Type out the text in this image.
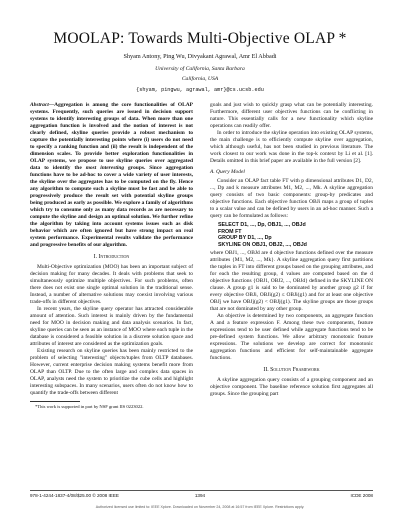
MOOLAP: Towards Multi-Objective OLAP *
Shyam Antony, Ping Wu, Divyakant Agrawal, Amr El Abbadi
University of California, Santa Barbara
California, USA
{shyam, pingwu, agrawal, amr}@cs.ucsb.edu
Abstract—Aggregation is among the core functionalities of OLAP systems. Frequently, such queries are issued in decision support systems to identify interesting groups of data. When more than one aggregation function is involved and the notion of interest is not clearly defined, skyline queries provide a robust mechanism to capture the potentially interesting points where (i) users do not need to specify a ranking function and (ii) the result is independent of the dimension scales. To provide better exploration functionalities in OLAP systems, we propose to use skyline queries over aggregated data to identify the most interesting groups. Since aggregation functions have to be ad-hoc to cover a wide variety of user interests, the skyline over the aggregates has to be computed on the fly. Hence any algorithm to compute such a skyline must be fast and be able to progressively produce the result set with potential skyline groups being produced as early as possible. We explore a family of algorithms which try to consume only as many data records as are necessary to compute the skyline and design an optimal solution. We further refine the algorithm by taking into account systems issues such as disk behavior which are often ignored but have strong impact on real system performance. Experimental results validate the performance and progressive benefits of our algorithm.
I. Introduction

Multi-Objective optimization (MOO) has been an important subject of decision making for many decades. It deals with problems that seek to simultaneously optimize multiple objectives. For such problems, often there does not exist one single optimal solution in the traditional sense. Instead, a number of alternative solutions may coexist involving various trade-offs in different objectives.

In recent years, the skyline query operator has attracted considerable amount of attention. Such interest is mainly driven by the fundamental need for MOO in decision making and data analysis scenarios. In fact, skyline queries can be seen as an instance of MOO where each tuple in the database is considered a feasible solution in a discrete solution space and attributes of interest are considered as the optimization goals.

Existing research on skyline queries has been mainly restricted to the problem of selecting "interesting" objects/tuples from OLTP databases. However, current enterprise decision making systems benefit more from OLAP than OLTP. Due to the often large and complex data spaces in OLAP, analysts need the system to prioritize the cube cells and highlight interesting subspaces. In many scenarios, users often do not know how to quantify the trade-offs between different

*This work is supported in part by NSF grant IIS 0223022.

goals and just wish to quickly grasp what can be potentially interesting. Furthermore, different user objectives functions can be conflicting in nature. This essentially calls for a new functionality which skyline operations can readily offer.

In order to introduce the skyline operation into existing OLAP systems, the main challenge is to efficiently compute skyline over aggregation, which although useful, has not been studied in previous literature. The work closest to our work was done in the top-k context by Li et al. [1]. Details omitted in this brief paper are available in the full version [2].

A. Query Model

Consider an OLAP fact table FT with p dimensional attributes D1, D2, ..., Dp and k measure attributes M1, M2, ..., Mk. A skyline aggregation query consists of two basic components: group-by predicates and objective functions. Each objective function OBJi maps a group of tuples to a scalar value and can be defined by users in an ad-hoc manner. Such a query can be formulated as follows:

SELECT D1, ..., Dp, OBJ1, ..., OBJd
FROM FT
GROUP BY D1, ..., Dp
SKYLINE ON OBJ1, OBJ2, ..., OBJd

where OBJ1, ..., OBJd are d objective functions defined over the measure attributes {M1, M2, ..., Mk}. A skyline aggregation query first partitions the tuples in FT into different groups based on the grouping attributes, and for each the resulting group, d values are computed based on the d objective functions {OBJ1, OBJ2, ..., OBJd} defined in the SKYLINE ON clause. A group g1 is said to be dominated by another group g2 if for every objective OBJi, OBJi(g2) ≤ OBJi(g1) and for at least one objective OBJj we have OBJj(g2) < OBJj(g1). The skyline groups are those groups that are not dominated by any other group.

An objective is determined by two components, an aggregate function A and a feature expression F. Among these two components, feature expressions tend to be user defined while aggregate functions tend to be pre-defined system functions. We allow arbitrary monotonic feature expressions. The solutions we develop are correct for monotonic aggregation functions and efficient for self-maintainable aggregate functions.

II. Solution Framework

A skyline aggregation query consists of a grouping component and an objective component. The baseline reference solution first aggregates all groups. Since the grouping part

978-1-4244-1837-4/08/$25.00 © 2008 IEEE	1394	ICDE 2008
Authorized licensed use limited to: IEEE Xplore. Downloaded on November 24, 2008 at 16:57 from IEEE Xplore. Restrictions apply.
